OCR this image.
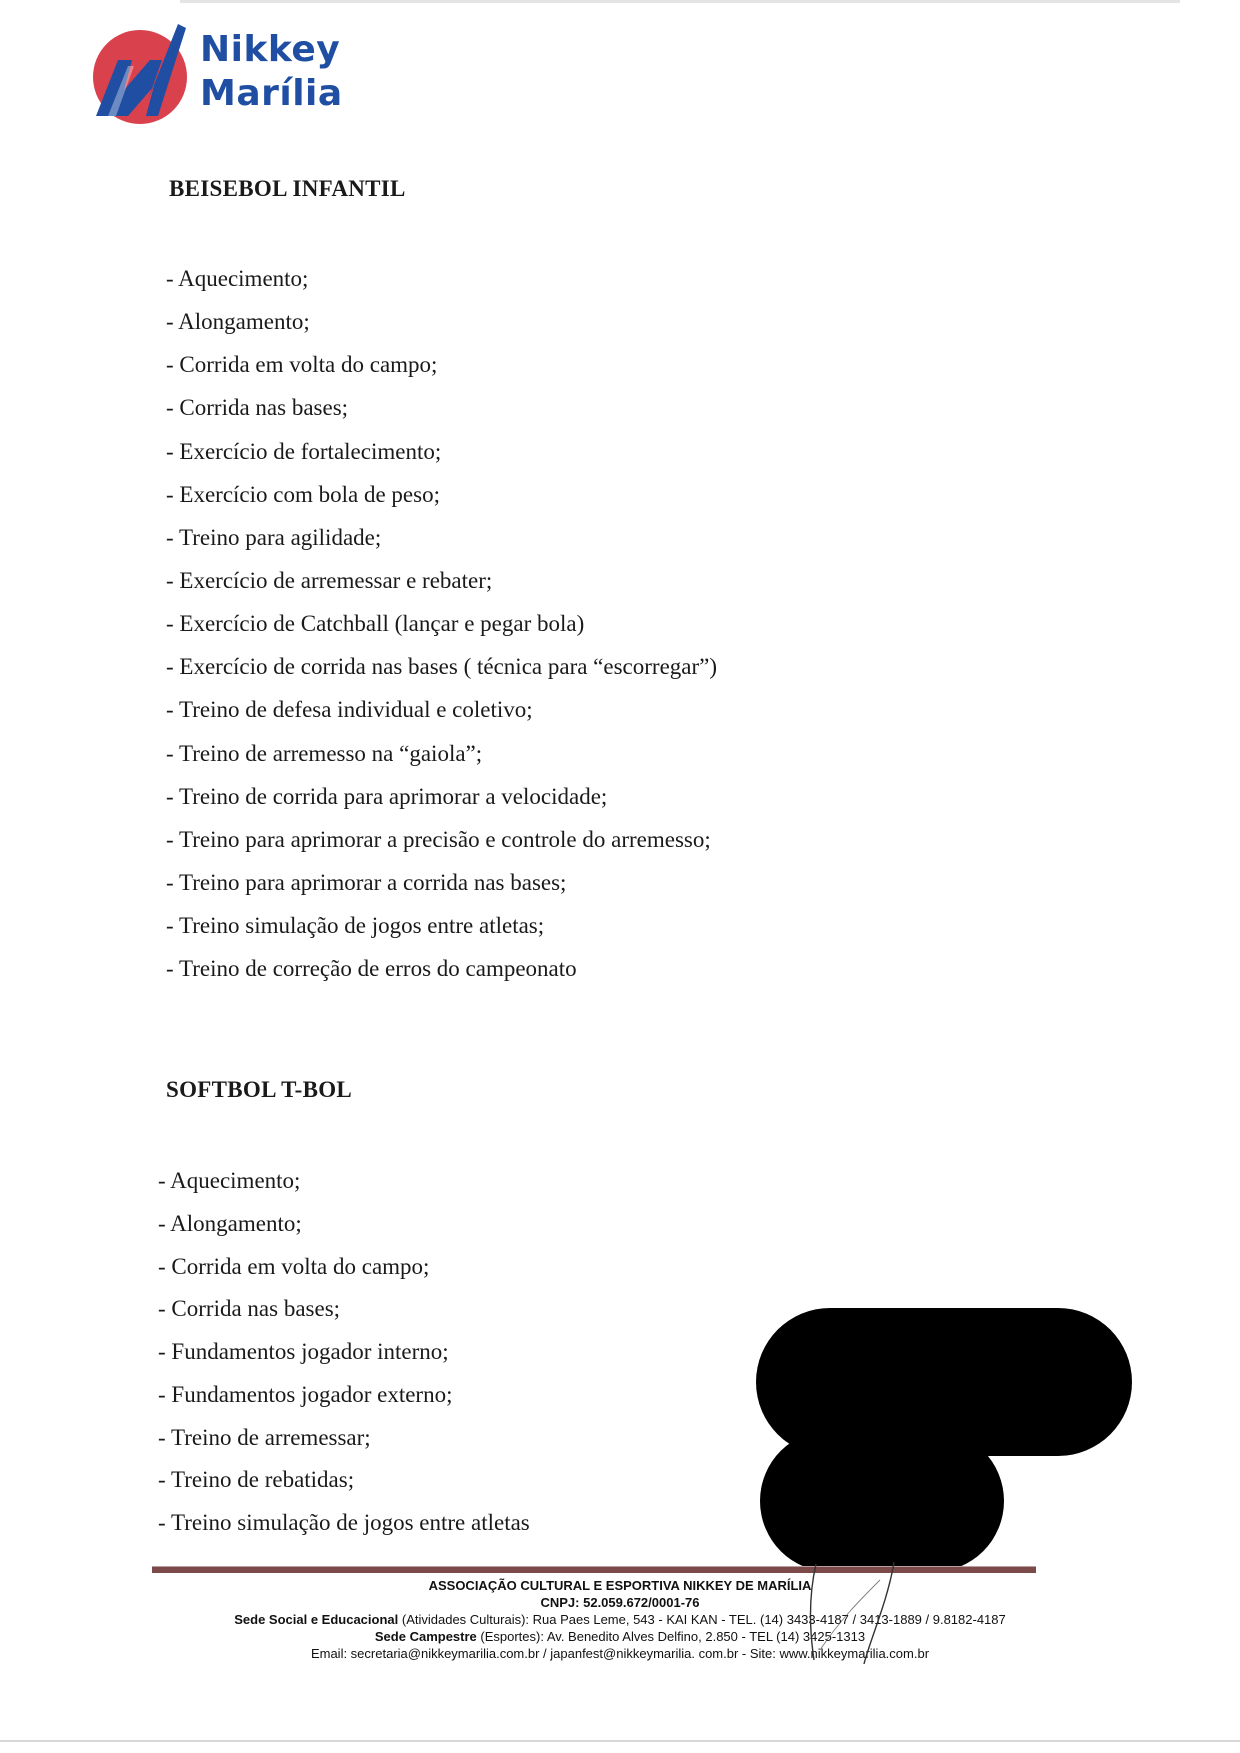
Nikkey
Marília
BEISEBOL INFANTIL
- Aquecimento;
- Alongamento;
- Corrida em volta do campo;
- Corrida nas bases;
- Exercício de fortalecimento;
- Exercício com bola de peso;
- Treino para agilidade;
- Exercício de arremessar e rebater;
- Exercício de Catchball (lançar e pegar bola)
- Exercício de corrida nas bases ( técnica para “escorregar”)
- Treino de defesa individual e coletivo;
- Treino de arremesso na “gaiola”;
- Treino de corrida para aprimorar a velocidade;
- Treino para aprimorar a precisão e controle do arremesso;
- Treino para aprimorar a corrida nas bases;
- Treino simulação de jogos entre atletas;
- Treino de correção de erros do campeonato
SOFTBOL T-BOL
- Aquecimento;
- Alongamento;
- Corrida em volta do campo;
- Corrida nas bases;
- Fundamentos jogador interno;
- Fundamentos jogador externo;
- Treino de arremessar;
- Treino de rebatidas;
- Treino simulação de jogos entre atletas
ASSOCIAÇÃO CULTURAL E ESPORTIVA NIKKEY DE MARÍLIA
CNPJ: 52.059.672/0001-76
Sede Social e Educacional (Atividades Culturais): Rua Paes Leme, 543 - KAI KAN - TEL. (14) 3433-4187 / 3413-1889 / 9.8182-4187
Sede Campestre (Esportes): Av. Benedito Alves Delfino, 2.850 - TEL (14) 3425-1313
Email: secretaria@nikkeymarilia.com.br / japanfest@nikkeymarilia. com.br - Site: www.nikkeymarilia.com.br
